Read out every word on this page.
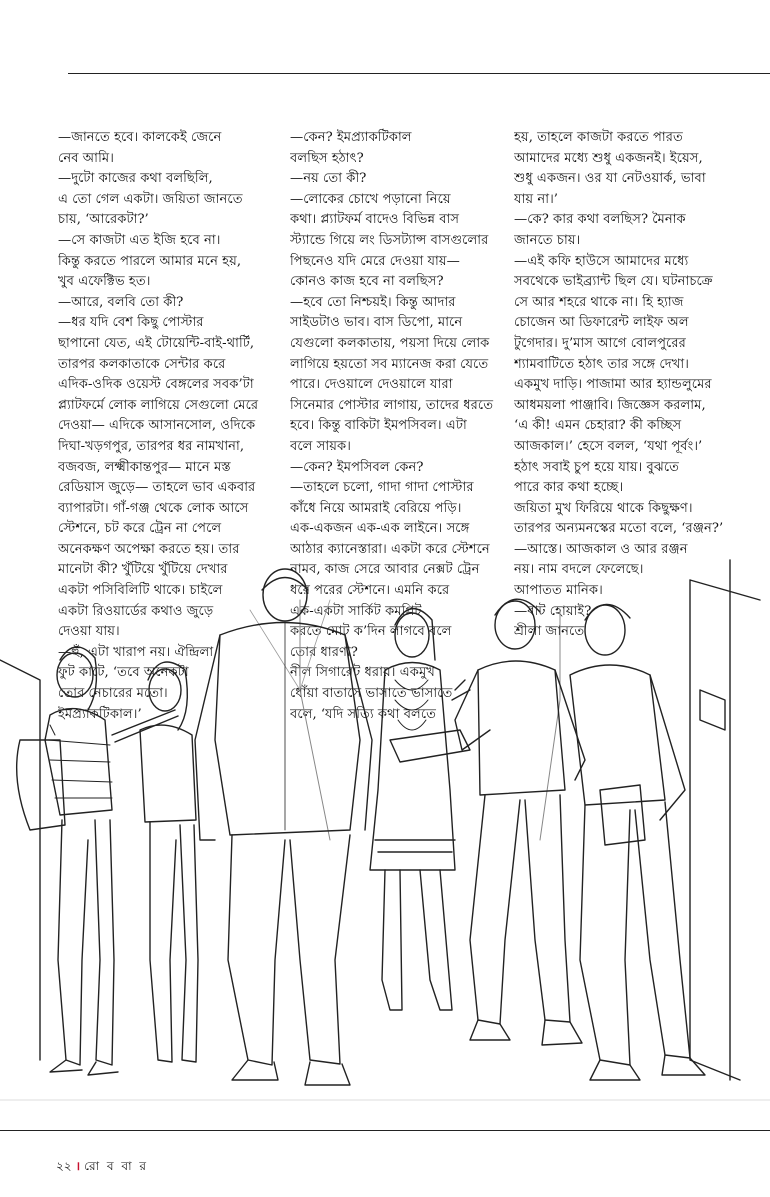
—জানতে হবে। কালকেই জেনে
নেব আমি।
—দুটো কাজের কথা বলছিলি,
এ তো গেল একটা। জয়িতা জানতে
চায়, ‘আরেকটা?’
—সে কাজটা এত ইজি হবে না।
কিন্তু করতে পারলে আমার মনে হয়,
খুব এফেক্টিভ হত।
—আরে, বলবি তো কী?
—ধর যদি বেশ কিছু পোস্টার
ছাপানো যেত, এই টোয়েন্টি-বাই-থার্টি,
তারপর কলকাতাকে সেন্টার করে
এদিক-ওদিক ওয়েস্ট বেঙ্গলের সবক’টা
প্ল্যাটফর্মে লোক লাগিয়ে সেগুলো মেরে
দেওয়া— এদিকে আসানসোল, ওদিকে
দিঘা-খড়গপুর, তারপর ধর নামখানা,
বজবজ, লক্ষ্মীকান্তপুর— মানে মস্ত
রেডিয়াস জুড়ে— তাহলে ভাব একবার
ব্যাপারটা। গাঁ-গঞ্জ থেকে লোক আসে
স্টেশনে, চট করে ট্রেন না পেলে
অনেকক্ষণ অপেক্ষা করতে হয়। তার
মানেটা কী? খুঁটিয়ে খুঁটিয়ে দেখার
একটা পসিবিলিটি থাকে। চাইলে
একটা রিওয়ার্ডের কথাও জুড়ে
দেওয়া যায়।
—হুঁ, এটা খারাপ নয়। ঐন্দ্রিলা
ফুট কাটে, ‘তবে অনেকটা
তোর নেচারের মতো।
ইমপ্র্যাকটিকাল।’
—কেন? ইমপ্র্যাকটিকাল
বলছিস হঠাৎ?
—নয় তো কী?
—লোকের চোখে পড়ানো নিয়ে
কথা। প্ল্যাটফর্ম বাদেও বিভিন্ন বাস
স্ট্যান্ডে গিয়ে লং ডিসট্যান্স বাসগুলোর
পিছনেও যদি মেরে দেওয়া যায়—
কোনও কাজ হবে না বলছিস?
—হবে তো নিশ্চয়ই। কিন্তু আদার
সাইডটাও ভাব। বাস ডিপো, মানে
যেগুলো কলকাতায়, পয়সা দিয়ে লোক
লাগিয়ে হয়তো সব ম্যানেজ করা যেতে
পারে। দেওয়ালে দেওয়ালে যারা
সিনেমার পোস্টার লাগায়, তাদের ধরতে
হবে। কিন্তু বাকিটা ইমপসিবল। এটা
বলে সায়ক।
—কেন? ইমপসিবল কেন?
—তাহলে চলো, গাদা গাদা পোস্টার
কাঁধে নিয়ে আমরাই বেরিয়ে পড়ি।
এক-একজন এক-এক লাইনে। সঙ্গে
আঠার ক্যানেস্তারা। একটা করে স্টেশনে
নামব, কাজ সেরে আবার নেক্সট ট্রেন
ধরে পরের স্টেশনে। এমনি করে
এক-একটা সার্কিট কমপ্লিট
করতে মোট ক’দিন লাগবে বলে
তোর ধারণা?
নীল সিগারেট ধরায়। একমুখ
ধোঁয়া বাতাসে ভাসাতে ভাসাতে
বলে, ‘যদি সত্যি কথা বলতে
হয়, তাহলে কাজটা করতে পারত
আমাদের মধ্যে শুধু একজনই। ইয়েস,
শুধু একজন। ওর যা নেটওয়ার্ক, ভাবা
যায় না।’
—কে? কার কথা বলছিস? মৈনাক
জানতে চায়।
—এই কফি হাউসে আমাদের মধ্যে
সবথেকে ভাইব্র্যান্ট ছিল যে। ঘটনাচক্রে
সে আর শহরে থাকে না। হি হ্যাজ
চোজেন আ ডিফারেন্ট লাইফ অল
টুগেদার। দু’মাস আগে বোলপুরের
শ্যামবাটিতে হঠাৎ তার সঙ্গে দেখা।
একমুখ দাড়ি। পাজামা আর হ্যান্ডলুমের
আধময়লা পাঞ্জাবি। জিজ্ঞেস করলাম,
‘এ কী! এমন চেহারা? কী কচ্ছিস
আজকাল।’ হেসে বলল, ‘যথা পূর্বং।’
হঠাৎ সবাই চুপ হয়ে যায়। বুঝতে
পারে কার কথা হচ্ছে।
জয়িতা মুখ ফিরিয়ে থাকে কিছুক্ষণ।
তারপর অন্যমনস্কের মতো বলে, ‘রঞ্জন?’
—আস্তে। আজকাল ও আর রঞ্জন
নয়। নাম বদলে ফেলেছে।
আপাতত মানিক।
—বাট হোয়াই?
শ্রীলা জানতে
২২ । রো ব বা র
